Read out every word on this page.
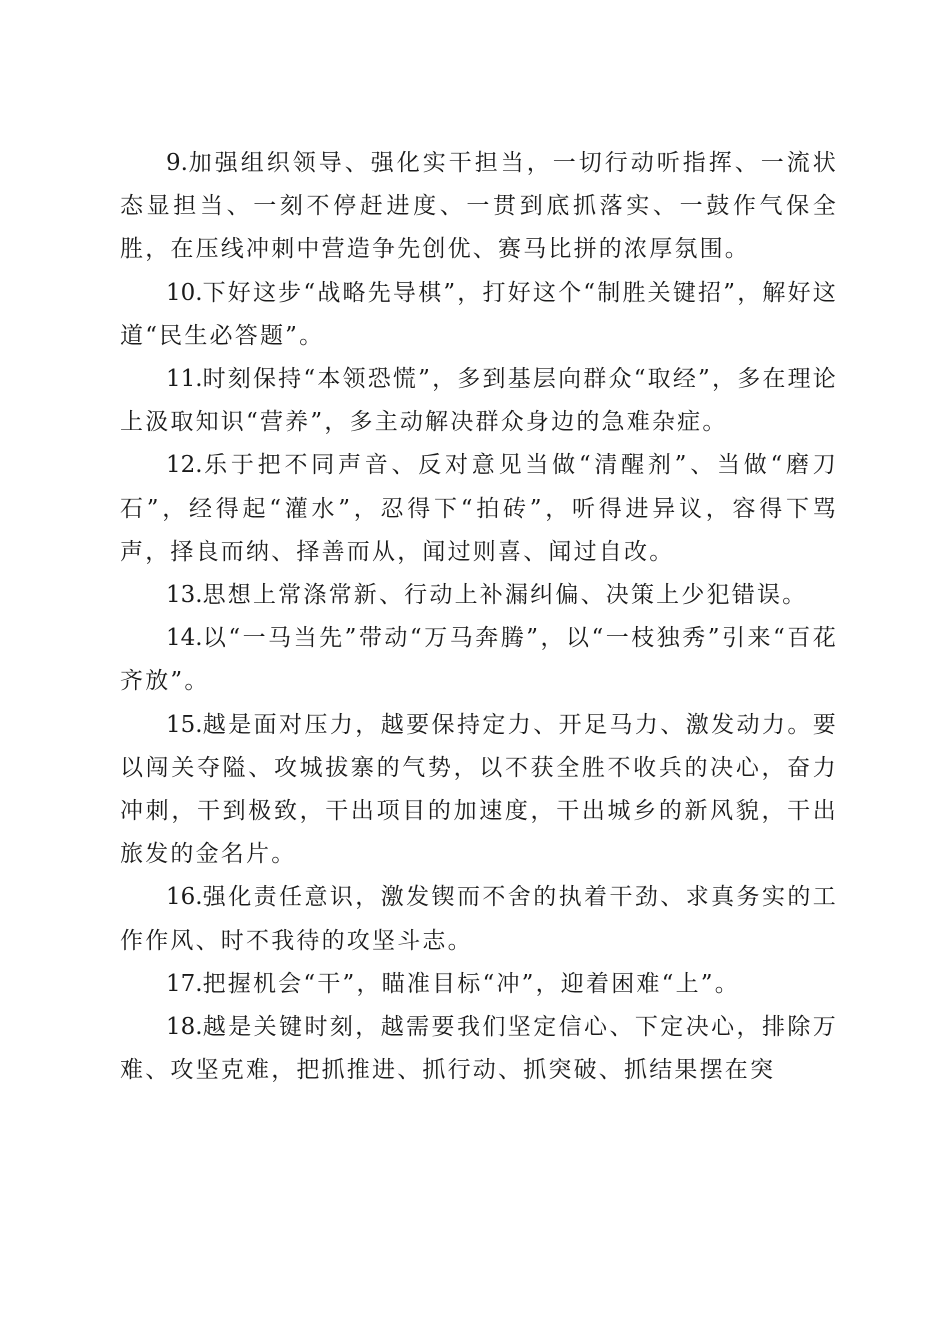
9.加强组织领导、强化实干担当，一切行动听指挥、一流状态显担当、一刻不停赶进度、一贯到底抓落实、一鼓作气保全胜，在压线冲刺中营造争先创优、赛马比拼的浓厚氛围。

10.下好这步“战略先导棋”，打好这个“制胜关键招”，解好这道“民生必答题”。

11.时刻保持“本领恐慌”，多到基层向群众“取经”，多在理论上汲取知识“营养”，多主动解决群众身边的急难杂症。

12.乐于把不同声音、反对意见当做“清醒剂”、当做“磨刀石”，经得起“灌水”，忍得下“拍砖”，听得进异议，容得下骂声，择良而纳、择善而从，闻过则喜、闻过自改。

13.思想上常涤常新、行动上补漏纠偏、决策上少犯错误。

14.以“一马当先”带动“万马奔腾”，以“一枝独秀”引来“百花齐放”。

15.越是面对压力，越要保持定力、开足马力、激发动力。要以闯关夺隘、攻城拔寨的气势，以不获全胜不收兵的决心，奋力冲刺，干到极致，干出项目的加速度，干出城乡的新风貌，干出旅发的金名片。

16.强化责任意识，激发锲而不舍的执着干劲、求真务实的工作作风、时不我待的攻坚斗志。

17.把握机会“干”，瞄准目标“冲”，迎着困难“上”。

18.越是关键时刻，越需要我们坚定信心、下定决心，排除万难、攻坚克难，把抓推进、抓行动、抓突破、抓结果摆在突
